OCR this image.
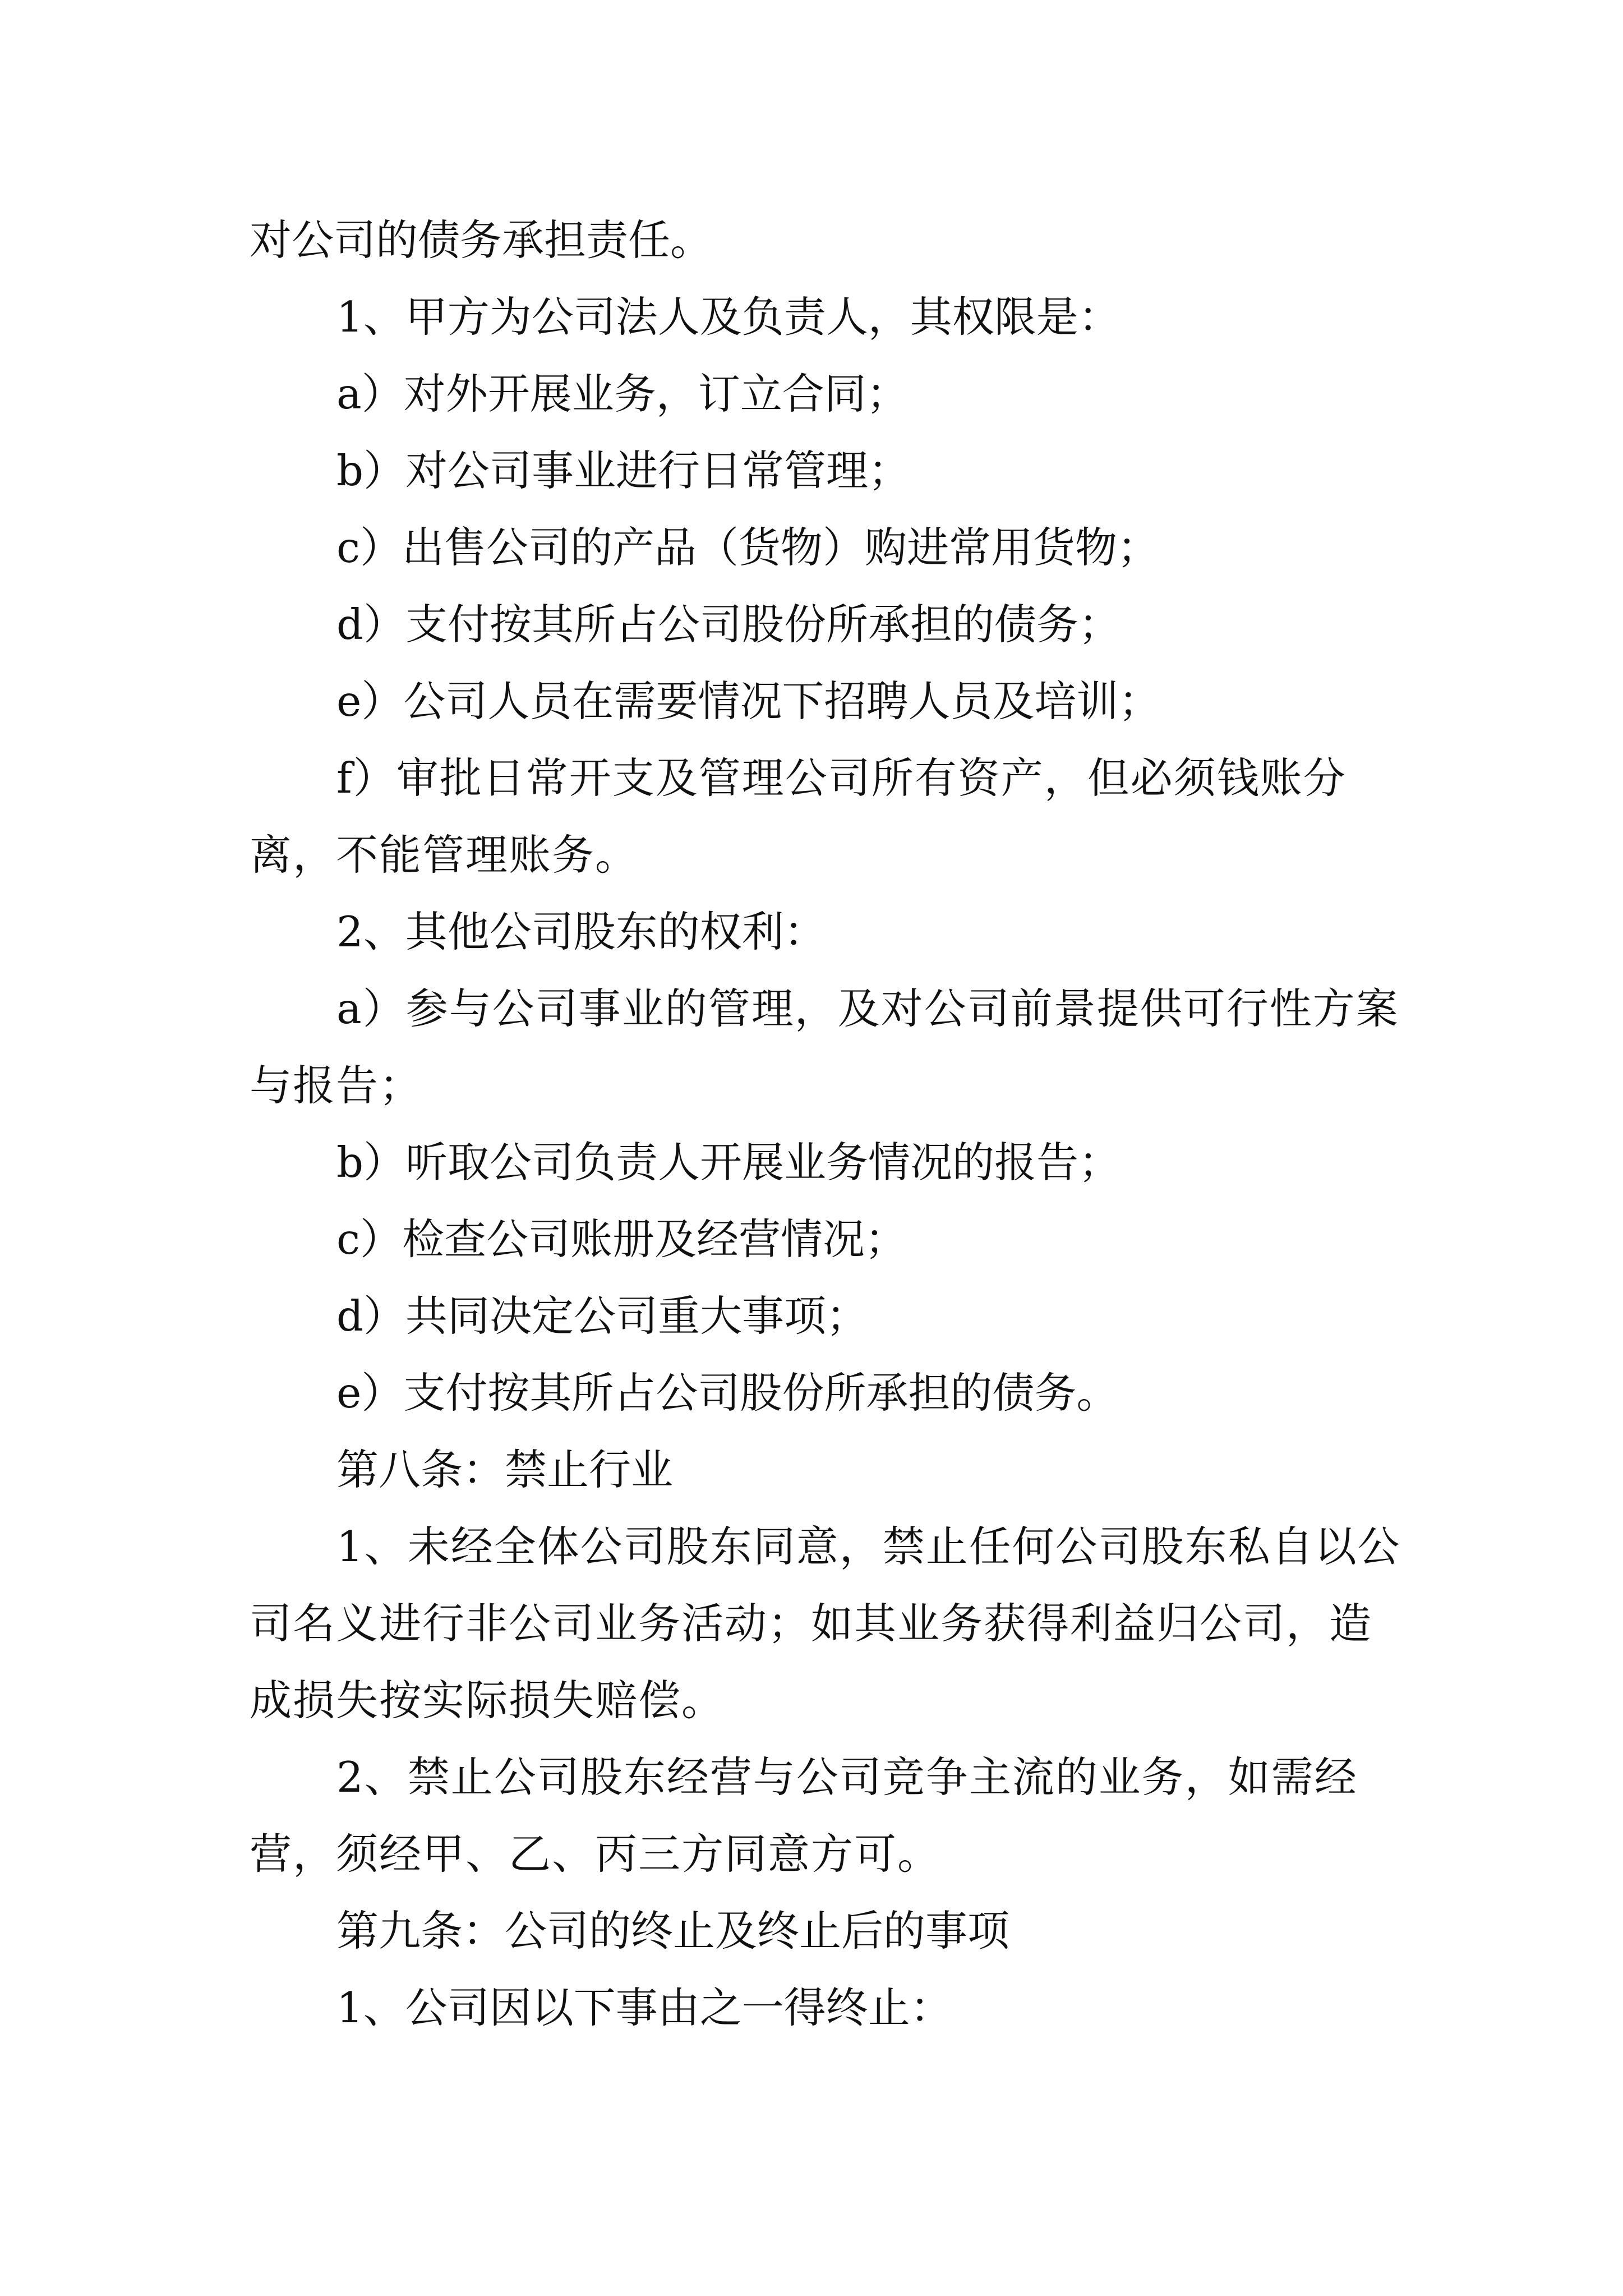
对公司的债务承担责任。

1、甲方为公司法人及负责人，其权限是：

a）对外开展业务，订立合同；

b）对公司事业进行日常管理；

c）出售公司的产品（货物）购进常用货物；

d）支付按其所占公司股份所承担的债务；

e）公司人员在需要情况下招聘人员及培训；

f）审批日常开支及管理公司所有资产，但必须钱账分离，不能管理账务。

2、其他公司股东的权利：

a）参与公司事业的管理，及对公司前景提供可行性方案与报告；

b）听取公司负责人开展业务情况的报告；

c）检查公司账册及经营情况；

d）共同决定公司重大事项；

e）支付按其所占公司股份所承担的债务。

第八条：禁止行业

1、未经全体公司股东同意，禁止任何公司股东私自以公司名义进行非公司业务活动；如其业务获得利益归公司，造成损失按实际损失赔偿。

2、禁止公司股东经营与公司竞争主流的业务，如需经营，须经甲、乙、丙三方同意方可。

第九条：公司的终止及终止后的事项

1、公司因以下事由之一得终止：
